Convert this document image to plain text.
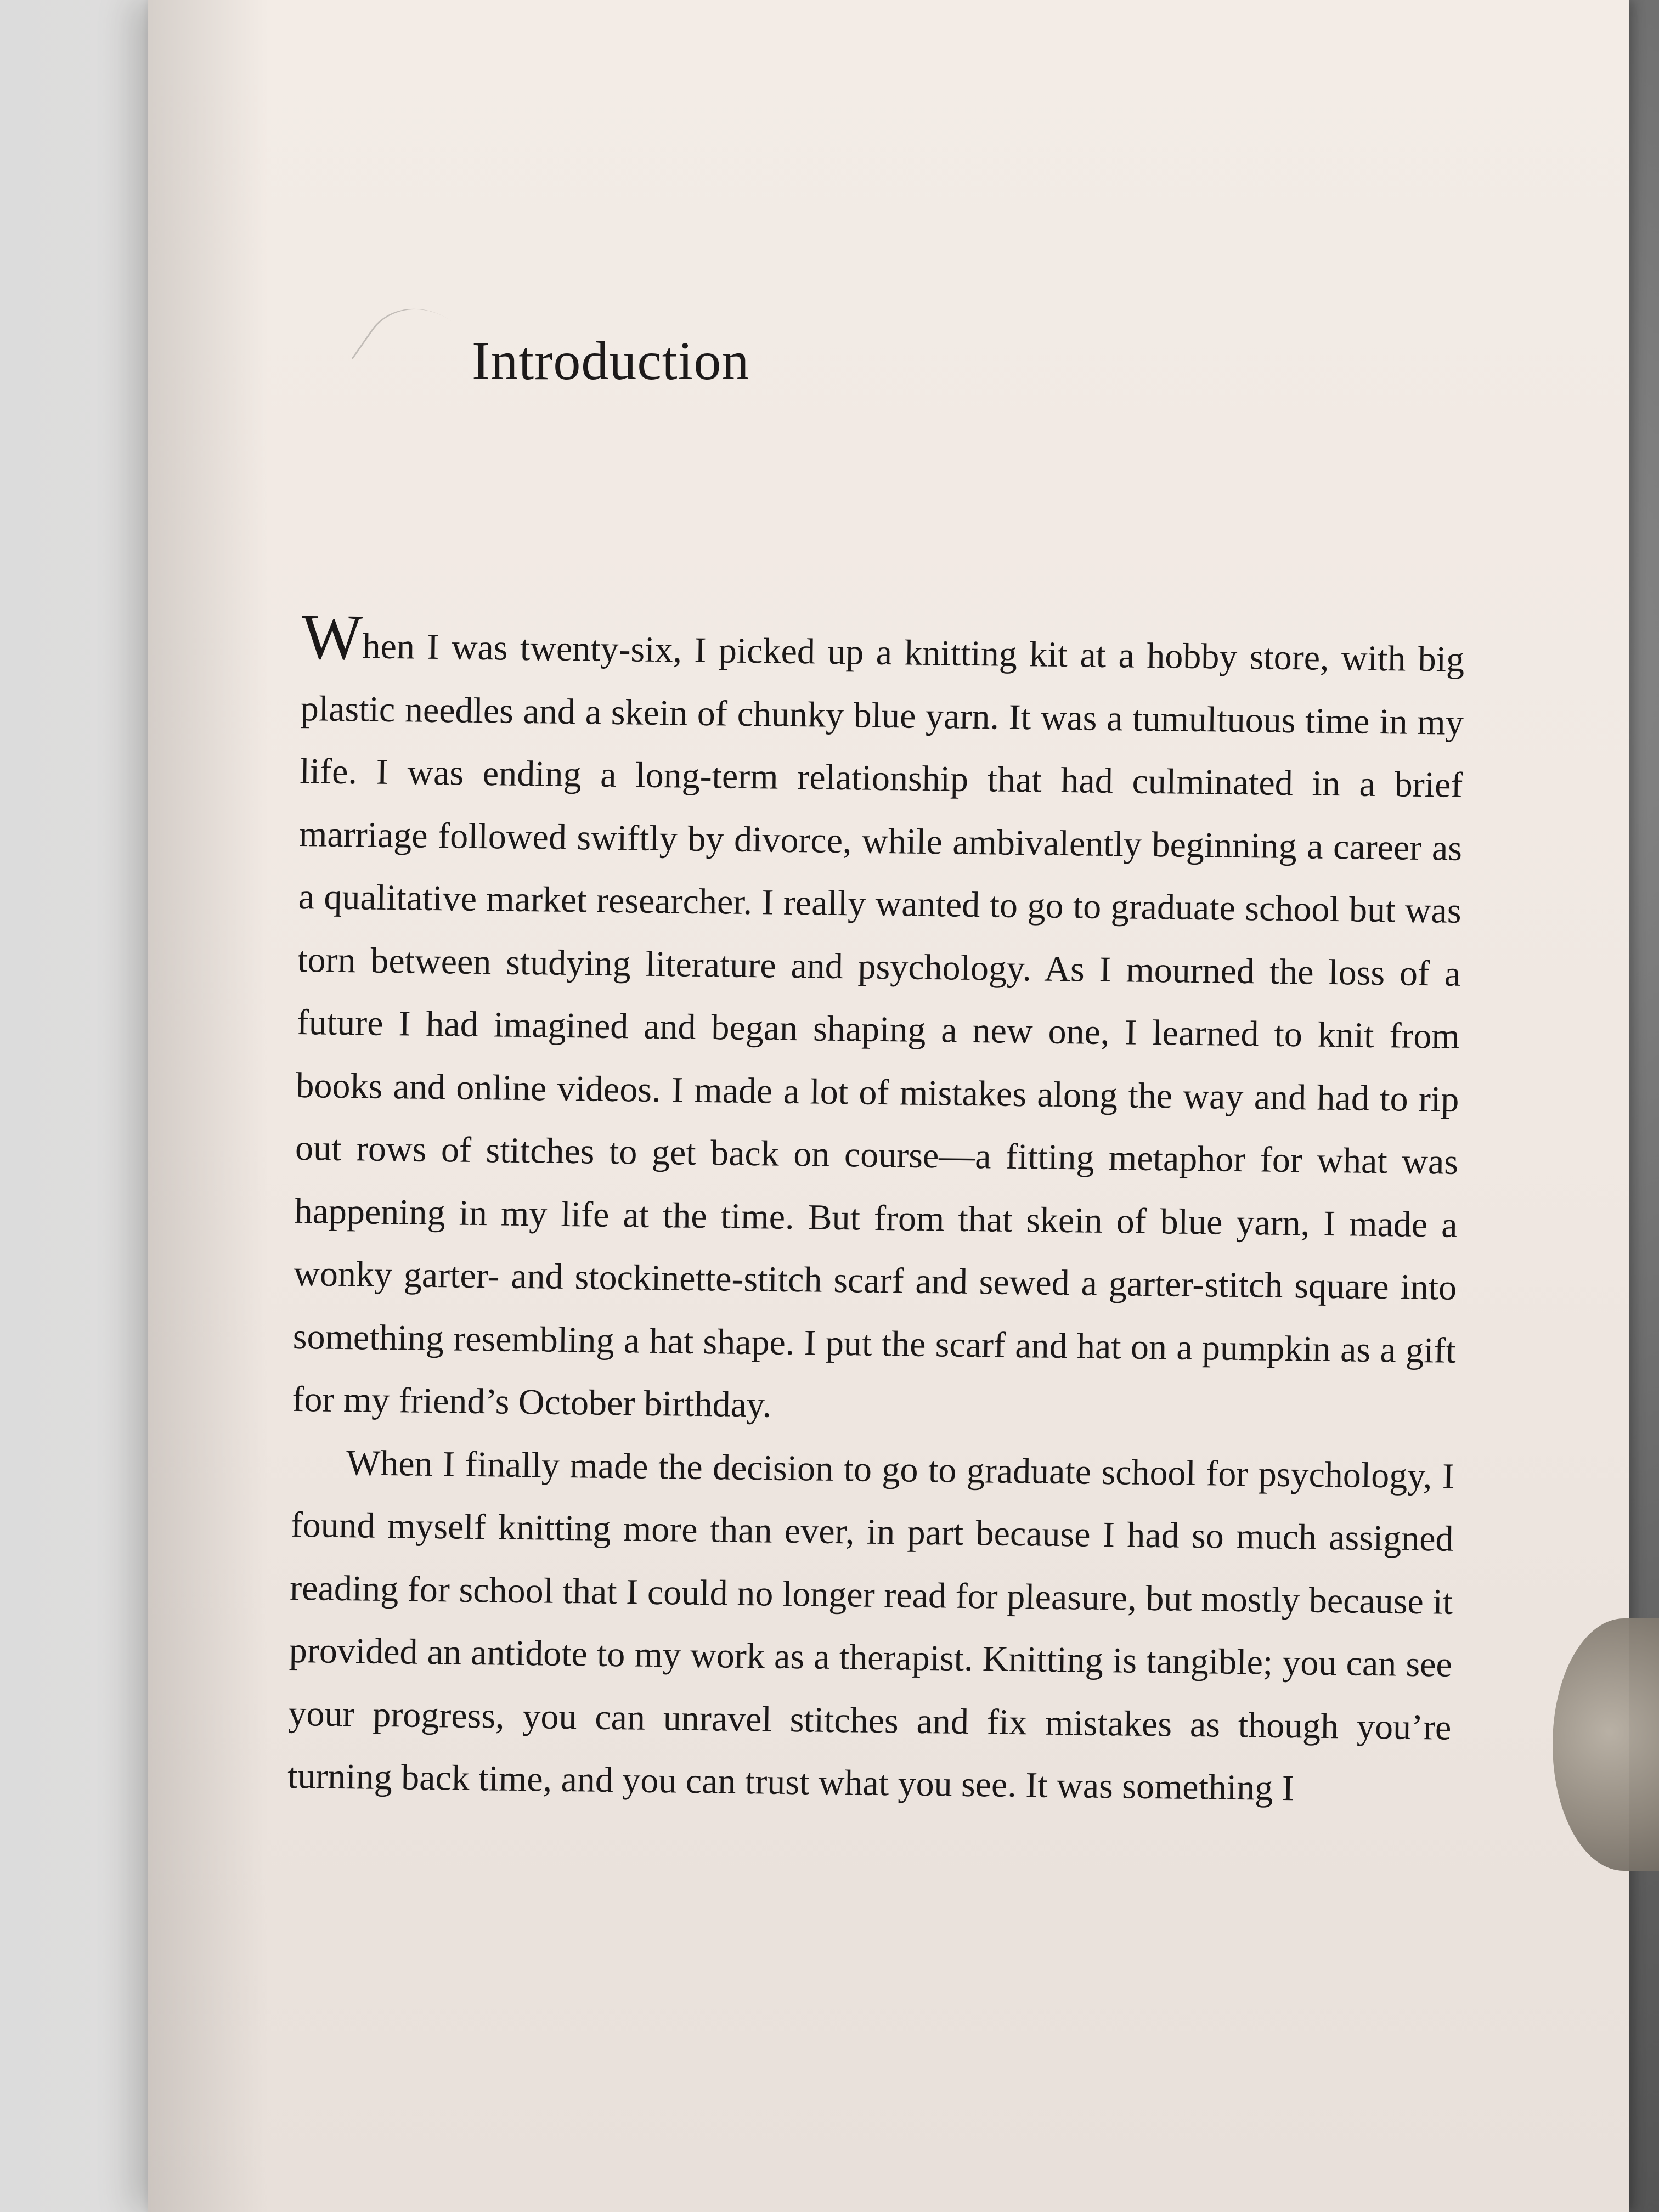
Introduction

When I was twenty-six, I picked up a knitting kit at a hobby store, with big plastic needles and a skein of chunky blue yarn. It was a tumultuous time in my life. I was ending a long-term relationship that had culminated in a brief marriage followed swiftly by divorce, while ambivalently beginning a career as a qualitative market researcher. I really wanted to go to graduate school but was torn between studying literature and psychology. As I mourned the loss of a future I had imagined and began shaping a new one, I learned to knit from books and online videos. I made a lot of mistakes along the way and had to rip out rows of stitches to get back on course—a fitting metaphor for what was happening in my life at the time. But from that skein of blue yarn, I made a wonky garter- and stockinette-stitch scarf and sewed a garter-stitch square into something resembling a hat shape. I put the scarf and hat on a pumpkin as a gift for my friend’s October birthday.

When I finally made the decision to go to graduate school for psychology, I found myself knitting more than ever, in part because I had so much assigned reading for school that I could no longer read for pleasure, but mostly because it provided an antidote to my work as a therapist. Knitting is tangible; you can see your progress, you can unravel stitches and fix mistakes as though you’re turning back time, and you can trust what you see. It was something I
